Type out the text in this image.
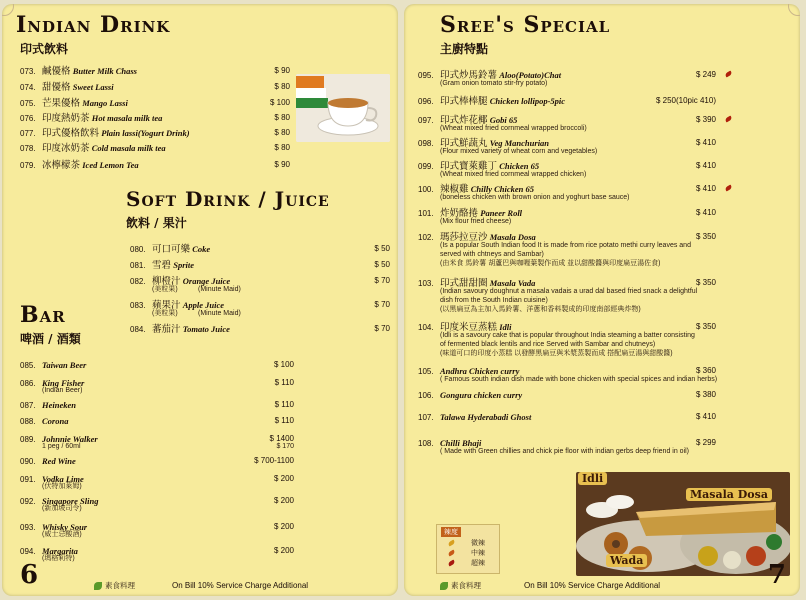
Indian Drink
印式飲料
073. 鹹優格 Butter Milk Chass	$ 90
074. 甜優格 Sweet Lassi	$ 80
075. 芒果優格 Mango Lassi	$ 100
076. 印度熱奶茶 Hot masala milk tea	$ 80
077. 印式優格飲料 Plain lassi(Yogurt Drink)	$ 80
078. 印度冰奶茶 Cold masala milk tea	$ 80
079. 冰檸檬茶 Iced Lemon Tea	$ 90
Soft Drink / Juice
飲料 / 果汁
080. 可口可樂 Coke	$ 50
081. 雪碧 Sprite	$ 50
082. 柳橙汁 Orange Juice	$ 70
(美粒果)	(Minute Maid)
083. 蘋果汁 Apple Juice	$ 70
(美粒果)	(Minute Maid)
084. 蕃茄汁 Tomato Juice	$ 70
Bar
啤酒 / 酒類
085. Taiwan Beer	$ 100
086. King Fisher	$ 110
(Indian Beer)
087. Heineken	$ 110
088. Corona	$ 110
089. Johnnie Walker	$ 1400
1 peg / 60ml	$ 170
090. Red Wine	$ 700-1100
091. Vodka Lime	$ 200
(伏特加萊姆)
092. Singapore Sling	$ 200
(新加坡司令)
093. Whisky Sour	$ 200
(威士忌酸酒)
094. Margarita	$ 200
(瑪格莉特)
6	素食料理	On Bill 10% Service Charge Additional
Sree's Special
主廚特點
095. 印式炒馬鈴薯 Aloo(Potato)Chat	$ 249
(Gram onion tomato stir-fry potato)
096. 印式棒棒腿 Chicken lollipop-5pic	$ 250(10pic 410)
097. 印式炸花椰 Gobi 65	$ 390
(Wheat mixed fried cornmeal wrapped broccoli)
098. 印式鮮蔬丸 Veg Manchurian	$ 410
(Flour mixed variety of wheat corn and vegetables)
099. 印式寶萊雞丁 Chicken 65	$ 410
(Wheat mixed fried cornmeal wrapped chicken)
100. 辣椒雞 Chilly Chicken 65	$ 410
(boneless chicken with brown onion and yoghurt base sauce)
101. 炸奶酪捲 Paneer Roll	$ 410
(Mix flour fried cheese)
102. 瑪莎拉豆沙 Masala Dosa	$ 350
(Is a popular South Indian food It is made from rice potato methi curry leaves and
served with chtneys and Sambar)
(由米食 馬鈴薯 胡蘆巴與咖喱葉製作而成 並以甜酸醬與印度扁豆湯佐食)
103. 印式甜甜圈 Masala Vada	$ 350
(Indian savoury doughnut a masala vadais a urad dal based fried snack a delightful
dish from the South Indian cuisine)
(以黑扁豆為主加入馬鈴薯、洋蔥和香料製成的印度南部經典炸物)
104. 印度米豆蒸糕 Idli	$ 350
(Idli is a savoury cake that is popular throughout India steaming a batter consisting
of fermented black lentils and rice Served with Sambar and chutneys)
(味道可口的印度小蒸糕 以發酵黑扁豆與米漿蒸製而成 搭配扁豆湯與甜酸醬)
105. Andhra Chicken curry	$ 360
( Famous south indian dish made with bone chicken with special spices and indian herbs)
106. Gongura chicken curry	$ 380
107. Talawa Hyderabadi Ghost	$ 410
108. Chilli Bhaji	$ 299
( Made with Green chillies and chick pie floor with indian gerbs deep friend in oil)
辣度
微辣
中辣
超辣
Idli
Masala Dosa
Wada	7
素食料理	On Bill 10% Service Charge Additional
